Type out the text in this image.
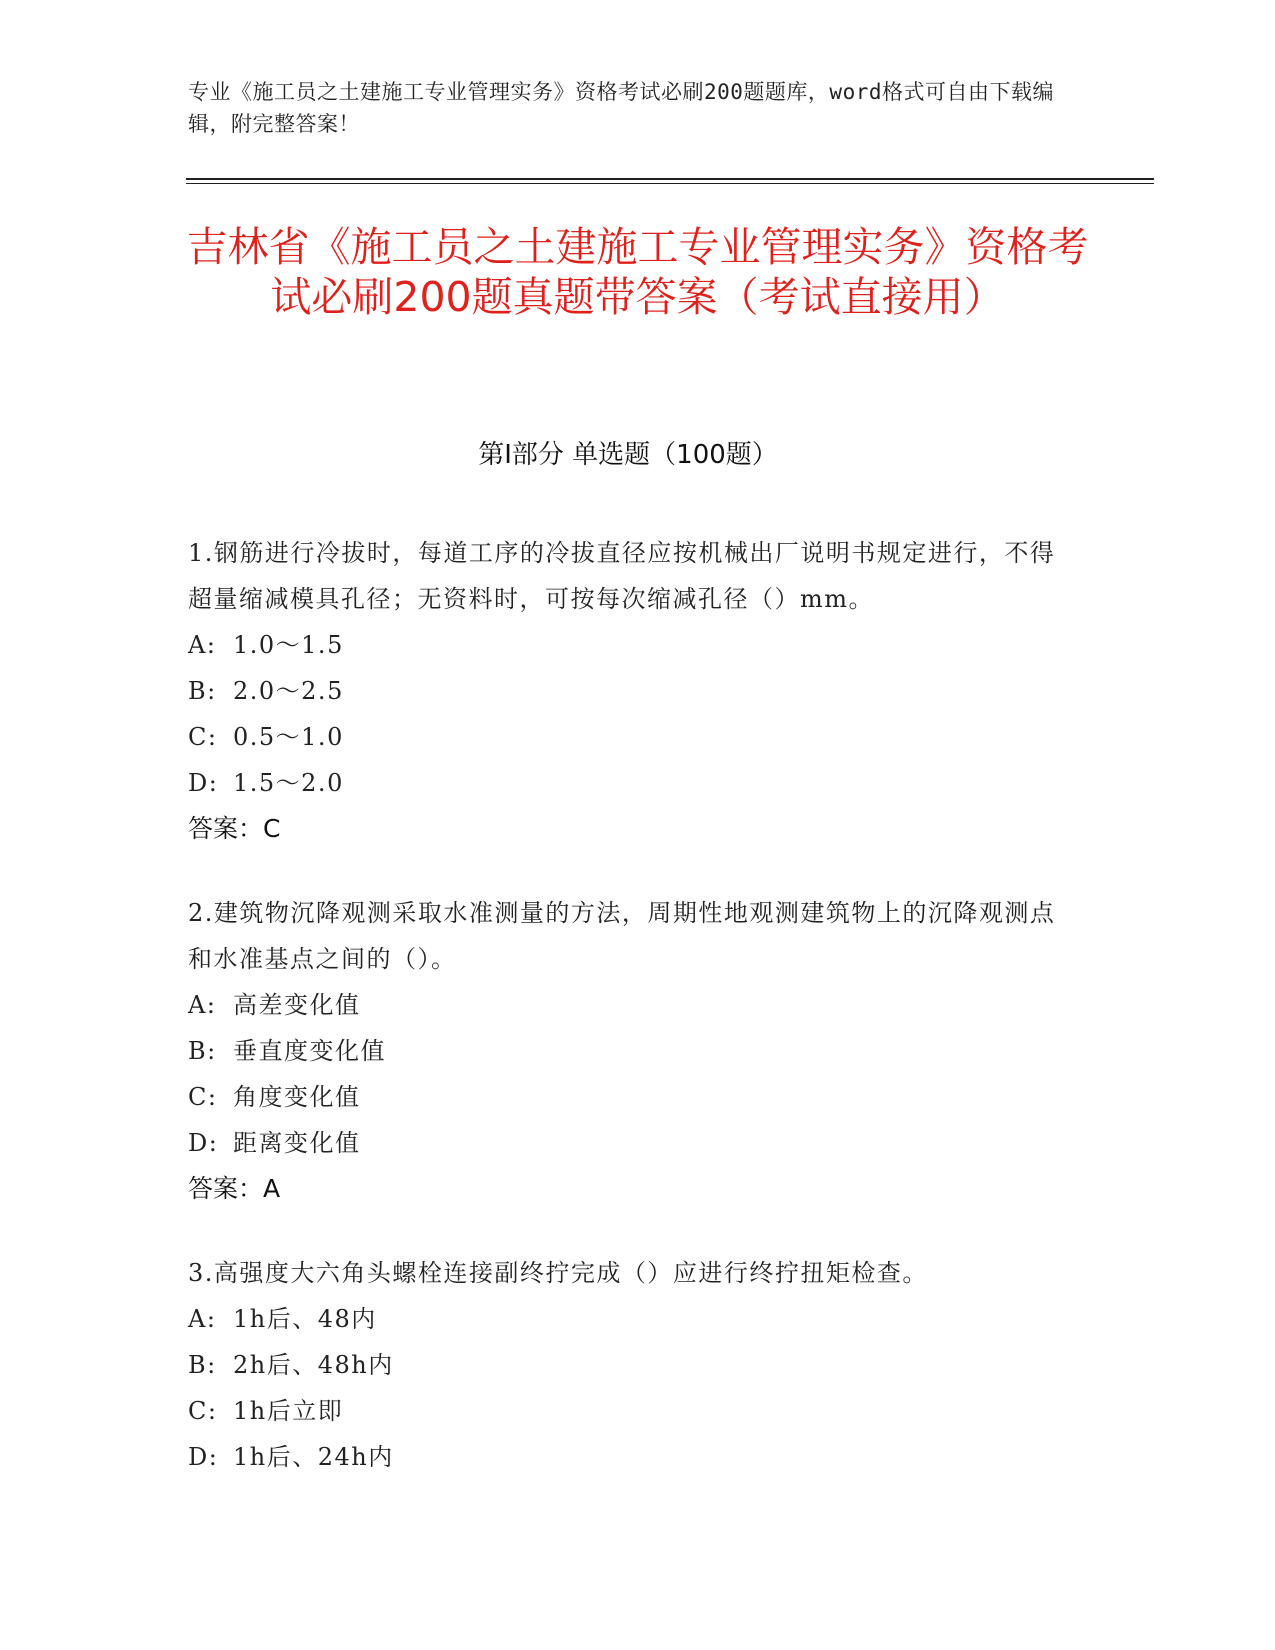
专业《施工员之土建施工专业管理实务》资格考试必刷200题题库，word格式可自由下载编辑，附完整答案！
吉林省《施工员之土建施工专业管理实务》资格考试必刷200题真题带答案（考试直接用）
第I部分 单选题（100题）
1.钢筋进行冷拔时，每道工序的冷拔直径应按机械出厂说明书规定进行，不得超量缩减模具孔径；无资料时，可按每次缩减孔径（）mm。
A: 1.0～1.5
B: 2.0～2.5
C: 0.5～1.0
D: 1.5～2.0
答案：C
2.建筑物沉降观测采取水准测量的方法，周期性地观测建筑物上的沉降观测点和水准基点之间的（）。
A: 高差变化值
B: 垂直度变化值
C: 角度变化值
D: 距离变化值
答案：A
3.高强度大六角头螺栓连接副终拧完成（）应进行终拧扭矩检查。
A: 1h后、48内
B: 2h后、48h内
C: 1h后立即
D: 1h后、24h内
